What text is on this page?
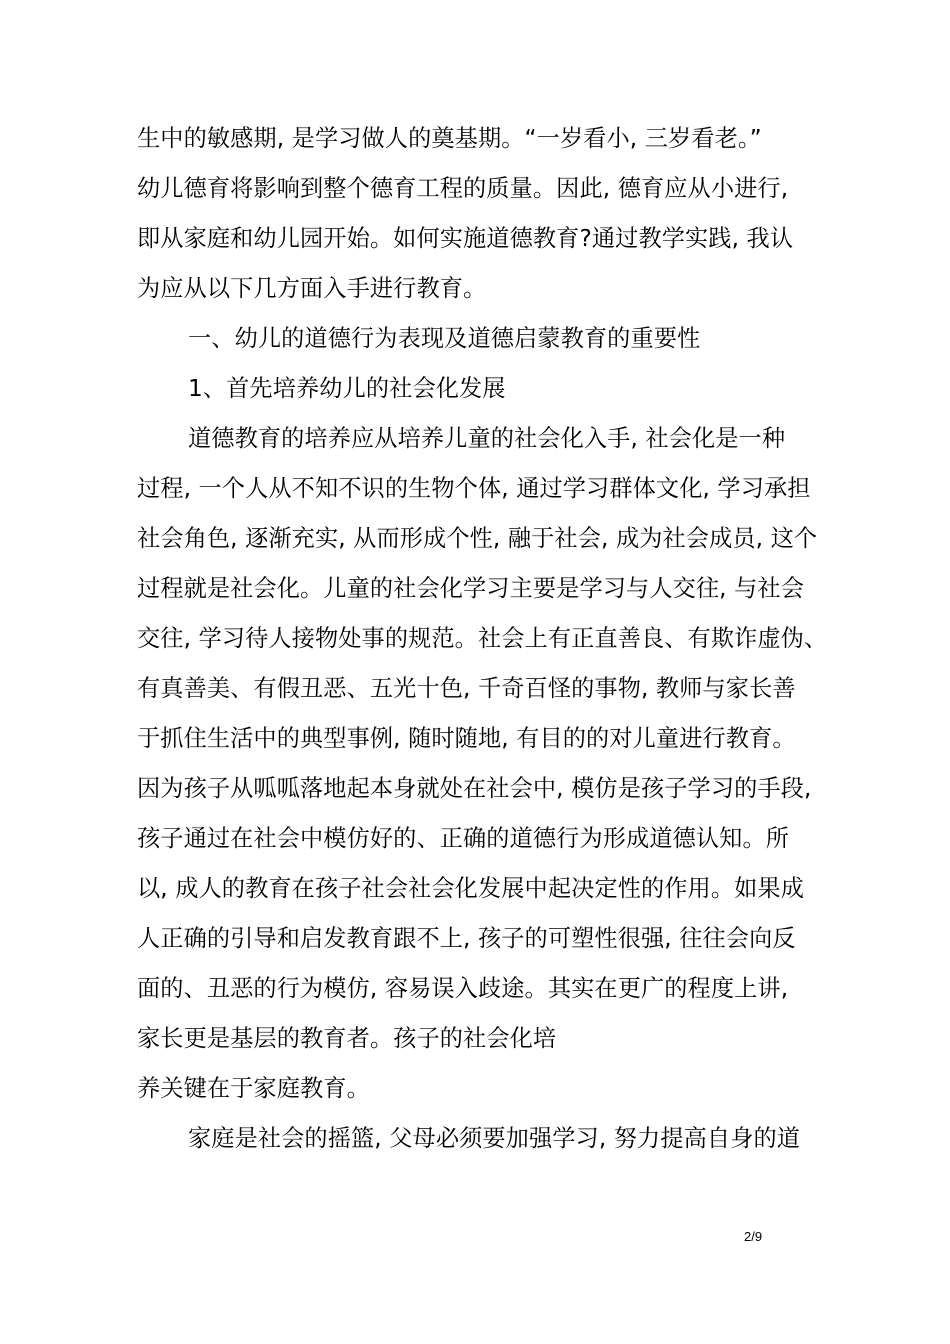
生中的敏感期, 是学习做人的奠基期。“一岁看小, 三岁看老。”
幼儿德育将影响到整个德育工程的质量。因此, 德育应从小进行,
即从家庭和幼儿园开始。如何实施道德教育?通过教学实践, 我认
为应从以下几方面入手进行教育。
一、幼儿的道德行为表现及道德启蒙教育的重要性
1、首先培养幼儿的社会化发展
道德教育的培养应从培养儿童的社会化入手, 社会化是一种
过程, 一个人从不知不识的生物个体, 通过学习群体文化, 学习承担
社会角色, 逐渐充实, 从而形成个性, 融于社会, 成为社会成员, 这个
过程就是社会化。儿童的社会化学习主要是学习与人交往, 与社会
交往, 学习待人接物处事的规范。社会上有正直善良、有欺诈虚伪、
有真善美、有假丑恶、五光十色, 千奇百怪的事物, 教师与家长善
于抓住生活中的典型事例, 随时随地, 有目的的对儿童进行教育。
因为孩子从呱呱落地起本身就处在社会中, 模仿是孩子学习的手段,
孩子通过在社会中模仿好的、正确的道德行为形成道德认知。所
以, 成人的教育在孩子社会社会化发展中起决定性的作用。如果成
人正确的引导和启发教育跟不上, 孩子的可塑性很强, 往往会向反
面的、丑恶的行为模仿, 容易误入歧途。其实在更广的程度上讲,
家长更是基层的教育者。孩子的社会化培
养关键在于家庭教育。
家庭是社会的摇篮, 父母必须要加强学习, 努力提高自身的道
2/9
